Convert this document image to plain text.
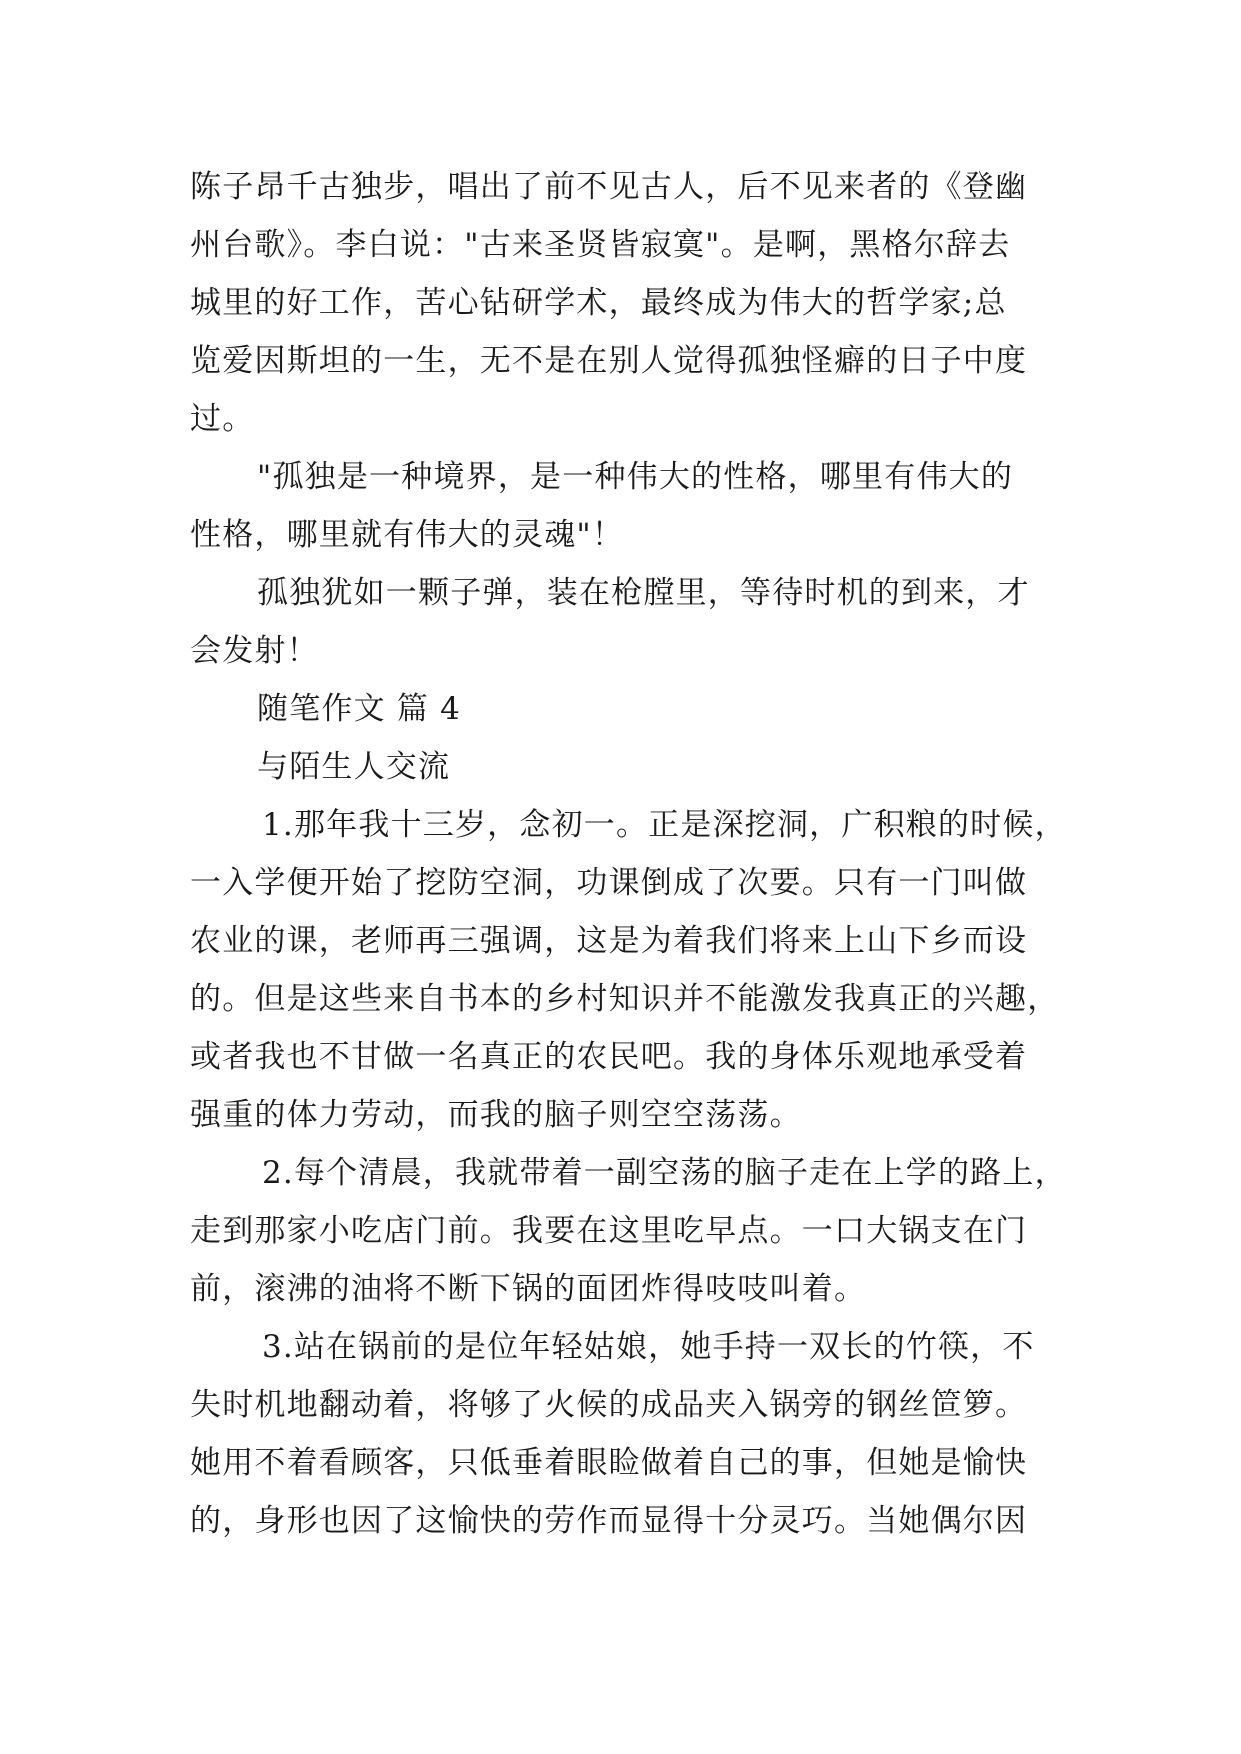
陈子昂千古独步，唱出了前不见古人，后不见来者的《登幽
州台歌》。李白说："古来圣贤皆寂寞"。是啊，黑格尔辞去
城里的好工作，苦心钻研学术，最终成为伟大的哲学家;总
览爱因斯坦的一生，无不是在别人觉得孤独怪癖的日子中度
过。
"孤独是一种境界，是一种伟大的性格，哪里有伟大的
性格，哪里就有伟大的灵魂"！
孤独犹如一颗子弹，装在枪膛里，等待时机的到来，才
会发射！
随笔作文 篇 4
与陌生人交流
1.那年我十三岁，念初一。正是深挖洞，广积粮的时候，
一入学便开始了挖防空洞，功课倒成了次要。只有一门叫做
农业的课，老师再三强调，这是为着我们将来上山下乡而设
的。但是这些来自书本的乡村知识并不能激发我真正的兴趣，
或者我也不甘做一名真正的农民吧。我的身体乐观地承受着
强重的体力劳动，而我的脑子则空空荡荡。
2.每个清晨，我就带着一副空荡的脑子走在上学的路上，
走到那家小吃店门前。我要在这里吃早点。一口大锅支在门
前，滚沸的油将不断下锅的面团炸得吱吱叫着。
3.站在锅前的是位年轻姑娘，她手持一双长的竹筷，不
失时机地翻动着，将够了火候的成品夹入锅旁的钢丝笸箩。
她用不着看顾客，只低垂着眼睑做着自己的事，但她是愉快
的，身形也因了这愉快的劳作而显得十分灵巧。当她偶尔因
